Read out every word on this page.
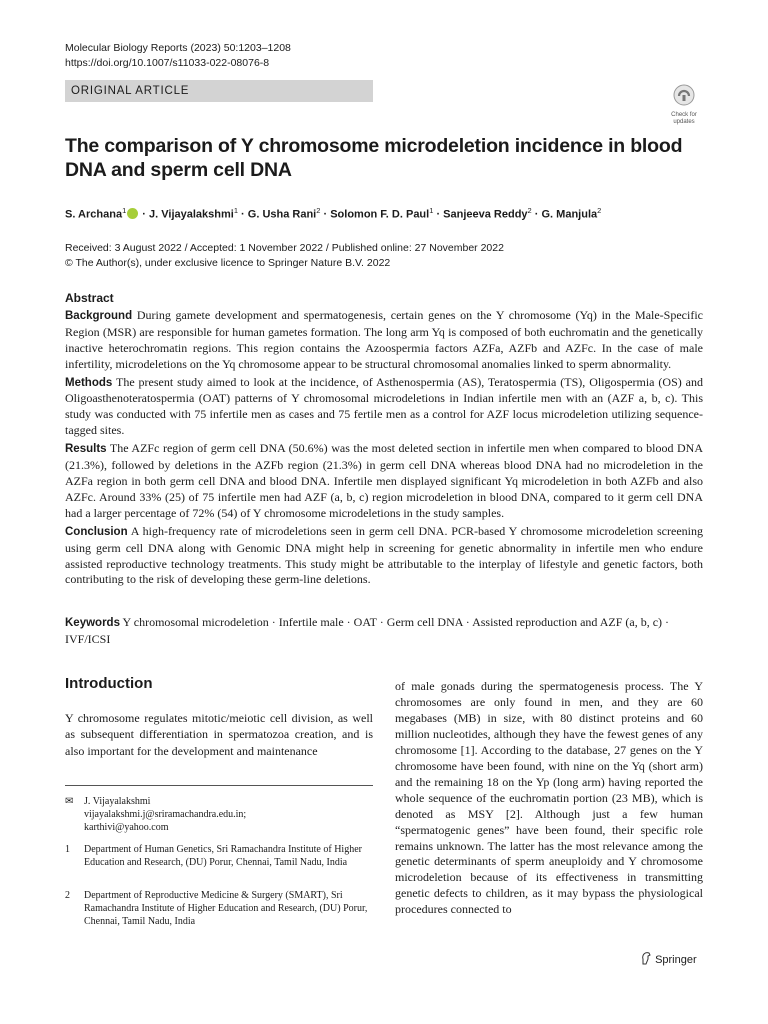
Molecular Biology Reports (2023) 50:1203–1208
https://doi.org/10.1007/s11033-022-08076-8
ORIGINAL ARTICLE
Check for
updates
The comparison of Y chromosome microdeletion incidence in blood DNA and sperm cell DNA
S. Archana$^1$ · J. Vijayalakshmi$^1$ · G. Usha Rani$^2$ · Solomon F. D. Paul$^1$ · Sanjeeva Reddy$^2$ · G. Manjula$^2$
Received: 3 August 2022 / Accepted: 1 November 2022 / Published online: 27 November 2022
© The Author(s), under exclusive licence to Springer Nature B.V. 2022
Abstract

Background During gamete development and spermatogenesis, certain genes on the Y chromosome (Yq) in the Male-Specific Region (MSR) are responsible for human gametes formation. The long arm Yq is composed of both euchromatin and the genetically inactive heterochromatin regions. This region contains the Azoospermia factors AZFa, AZFb and AZFc. In the case of male infertility, microdeletions on the Yq chromosome appear to be structural chromosomal anomalies linked to sperm abnormality.

Methods The present study aimed to look at the incidence, of Asthenospermia (AS), Teratospermia (TS), Oligospermia (OS) and Oligoasthenoteratospermia (OAT) patterns of Y chromosomal microdeletions in Indian infertile men with an (AZF a, b, c). This study was conducted with 75 infertile men as cases and 75 fertile men as a control for AZF locus microdeletion utilizing sequence-tagged sites.

Results The AZFc region of germ cell DNA (50.6%) was the most deleted section in infertile men when compared to blood DNA (21.3%), followed by deletions in the AZFb region (21.3%) in germ cell DNA whereas blood DNA had no microdeletion in the AZFa region in both germ cell DNA and blood DNA. Infertile men displayed significant Yq microdeletion in both AZFb and also AZFc. Around 33% (25) of 75 infertile men had AZF (a, b, c) region microdeletion in blood DNA, compared to it germ cell DNA had a larger percentage of 72% (54) of Y chromosome microdeletions in the study samples.

Conclusion A high-frequency rate of microdeletions seen in germ cell DNA. PCR-based Y chromosome microdeletion screening using germ cell DNA along with Genomic DNA might help in screening for genetic abnormality in infertile men who endure assisted reproductive technology treatments. This study might be attributable to the interplay of lifestyle and genetic factors, both contributing to the risk of developing these germ-line deletions.

Keywords Y chromosomal microdeletion · Infertile male · OAT · Germ cell DNA · Assisted reproduction and AZF (a, b, c) · IVF/ICSI
Introduction

Y chromosome regulates mitotic/meiotic cell division, as well as subsequent differentiation in spermatozoa creation, and is also important for the development and maintenance

of male gonads during the spermatogenesis process. The Y chromosomes are only found in men, and they are 60 megabases (MB) in size, with 80 distinct proteins and 60 million nucleotides, although they have the fewest genes of any chromosome [1]. According to the database, 27 genes on the Y chromosome have been found, with nine on the Yq (short arm) and the remaining 18 on the Yp (long arm) having reported the whole sequence of the euchromatin portion (23 MB), which is denoted as MSY [2]. Although just a few human “spermatogenic genes” have been found, their specific role remains unknown. The latter has the most relevance among the genetic determinants of sperm aneuploidy and Y chromosome microdeletion because of its effectiveness in transmitting genetic defects to children, as it may bypass the physiological procedures connected to

✉ J. Vijayalakshmi
vijayalakshmi.j@sriramachandra.edu.in;
karthivi@yahoo.com
1 Department of Human Genetics, Sri Ramachandra Institute of Higher Education and Research, (DU) Porur, Chennai, Tamil Nadu, India
2 Department of Reproductive Medicine & Surgery (SMART), Sri Ramachandra Institute of Higher Education and Research, (DU) Porur, Chennai, Tamil Nadu, India
Springer
